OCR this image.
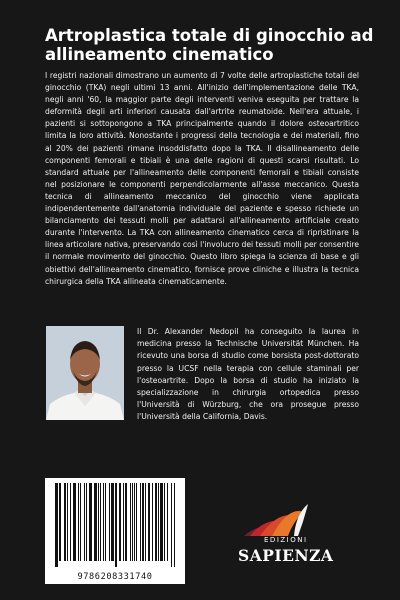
Artroplastica totale di ginocchio ad allineamento cinematico

I registri nazionali dimostrano un aumento di 7 volte delle artroplastiche totali del ginocchio (TKA) negli ultimi 13 anni. All'inizio dell'implementazione delle TKA, negli anni '60, la maggior parte degli interventi veniva eseguita per trattare la deformità degli arti inferiori causata dall'artrite reumatoide. Nell'era attuale, i pazienti si sottopongono a TKA principalmente quando il dolore osteoartritico limita la loro attività. Nonostante i progressi della tecnologia e dei materiali, fino al 20% dei pazienti rimane insoddisfatto dopo la TKA. Il disallineamento delle componenti femorali e tibiali è una delle ragioni di questi scarsi risultati. Lo standard attuale per l'allineamento delle componenti femorali e tibiali consiste nel posizionare le componenti perpendicolarmente all'asse meccanico. Questa tecnica di allineamento meccanico del ginocchio viene applicata indipendentemente dall'anatomia individuale del paziente e spesso richiede un bilanciamento dei tessuti molli per adattarsi all'allineamento artificiale creato durante l'intervento. La TKA con allineamento cinematico cerca di ripristinare la linea articolare nativa, preservando così l'involucro dei tessuti molli per consentire il normale movimento del ginocchio. Questo libro spiega la scienza di base e gli obiettivi dell'allineamento cinematico, fornisce prove cliniche e illustra la tecnica chirurgica della TKA allineata cinematicamente.

Il Dr. Alexander Nedopil ha conseguito la laurea in medicina presso la Technische Universität München. Ha ricevuto una borsa di studio come borsista post-dottorato presso la UCSF nella terapia con cellule staminali per l'osteoartrite. Dopo la borsa di studio ha iniziato la specializzazione in chirurgia ortopedica presso l'Università di Würzburg, che ora prosegue presso l'Università della California, Davis.

9786208331740
EDIZIONI
SAPIENZA
